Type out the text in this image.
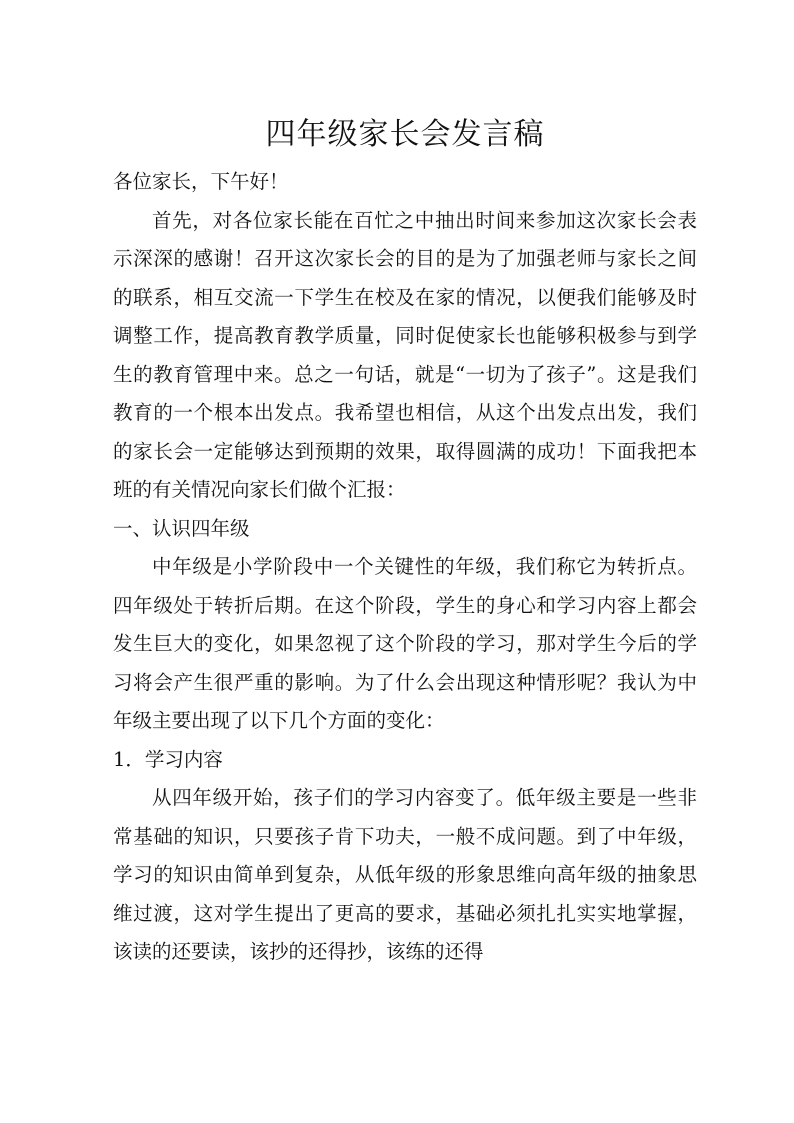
四年级家长会发言稿

各位家长，下午好！

首先，对各位家长能在百忙之中抽出时间来参加这次家长会表示深深的感谢！召开这次家长会的目的是为了加强老师与家长之间的联系，相互交流一下学生在校及在家的情况，以便我们能够及时调整工作，提高教育教学质量，同时促使家长也能够积极参与到学生的教育管理中来。总之一句话，就是“一切为了孩子”。这是我们教育的一个根本出发点。我希望也相信，从这个出发点出发，我们的家长会一定能够达到预期的效果，取得圆满的成功！下面我把本班的有关情况向家长们做个汇报：

一、认识四年级

中年级是小学阶段中一个关键性的年级，我们称它为转折点。四年级处于转折后期。在这个阶段，学生的身心和学习内容上都会发生巨大的变化，如果忽视了这个阶段的学习，那对学生今后的学习将会产生很严重的影响。为了什么会出现这种情形呢？我认为中年级主要出现了以下几个方面的变化：

1．学习内容

从四年级开始，孩子们的学习内容变了。低年级主要是一些非常基础的知识，只要孩子肯下功夫，一般不成问题。到了中年级，学习的知识由简单到复杂，从低年级的形象思维向高年级的抽象思维过渡，这对学生提出了更高的要求，基础必须扎扎实实地掌握，该读的还要读，该抄的还得抄，该练的还得
